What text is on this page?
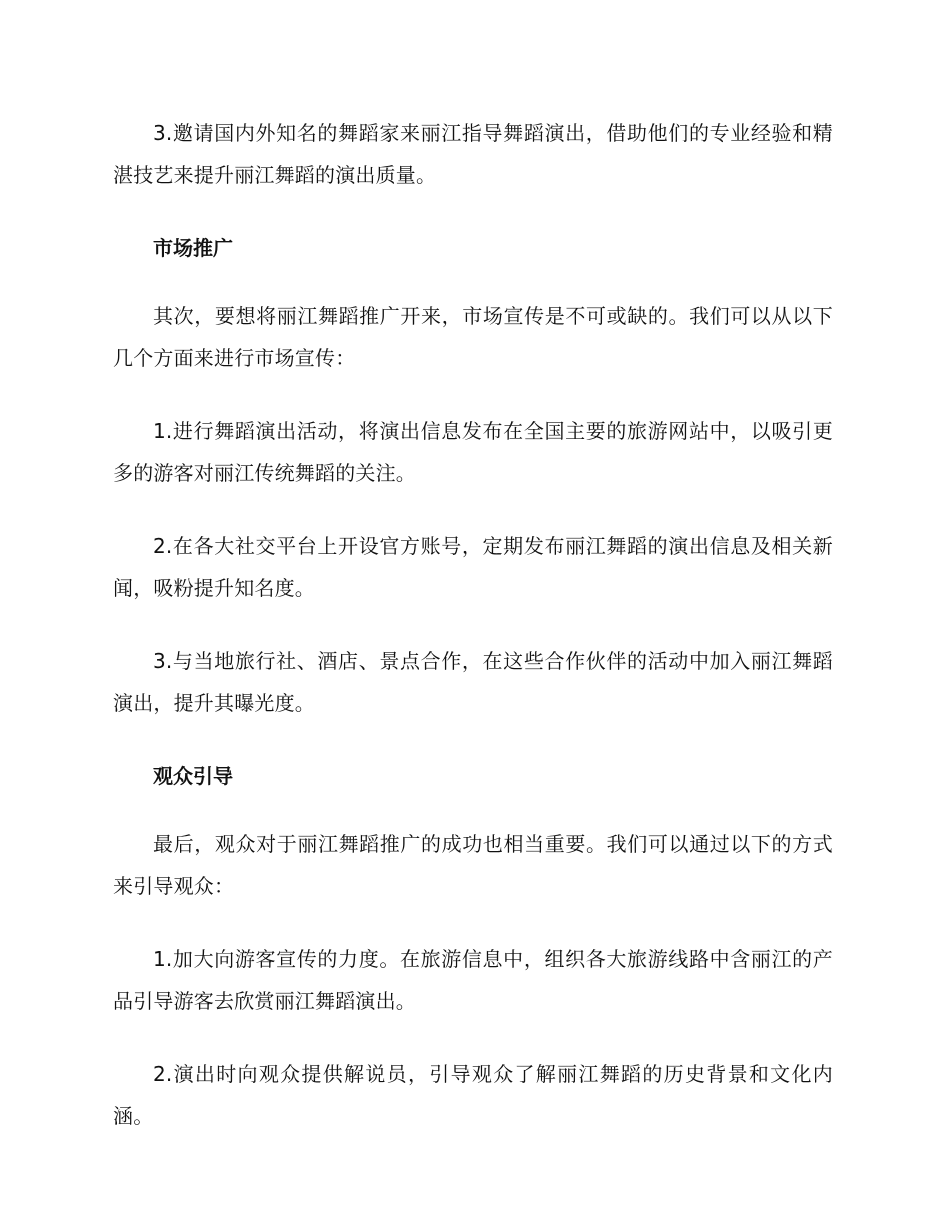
3.邀请国内外知名的舞蹈家来丽江指导舞蹈演出，借助他们的专业经验和精湛技艺来提升丽江舞蹈的演出质量。

市场推广

其次，要想将丽江舞蹈推广开来，市场宣传是不可或缺的。我们可以从以下几个方面来进行市场宣传：

1.进行舞蹈演出活动，将演出信息发布在全国主要的旅游网站中，以吸引更多的游客对丽江传统舞蹈的关注。

2.在各大社交平台上开设官方账号，定期发布丽江舞蹈的演出信息及相关新闻，吸粉提升知名度。

3.与当地旅行社、酒店、景点合作，在这些合作伙伴的活动中加入丽江舞蹈演出，提升其曝光度。

观众引导

最后，观众对于丽江舞蹈推广的成功也相当重要。我们可以通过以下的方式来引导观众：

1.加大向游客宣传的力度。在旅游信息中，组织各大旅游线路中含丽江的产品引导游客去欣赏丽江舞蹈演出。

2.演出时向观众提供解说员，引导观众了解丽江舞蹈的历史背景和文化内涵。
